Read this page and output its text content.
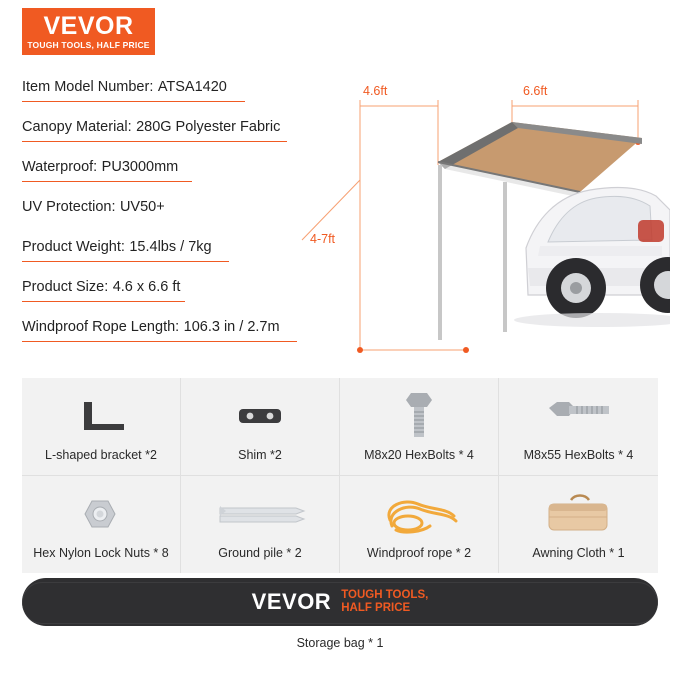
VEVOR
TOUGH TOOLS, HALF PRICE
Item Model Number: ATSA1420
Canopy Material: 280G Polyester Fabric
Waterproof: PU3000mm
UV Protection: UV50+
Product Weight: 15.4lbs / 7kg
Product Size: 4.6 x 6.6 ft
Windproof Rope Length: 106.3 in / 2.7m
4.6ft	6.6ft
4-7ft
L-shaped bracket *2	Shim *2	M8x20 HexBolts * 4	M8x55 HexBolts * 4
Hex Nylon Lock Nuts * 8	Ground pile * 2	Windproof rope * 2	Awning Cloth * 1
VEVOR TOUGH TOOLS,
HALF PRICE
Storage bag * 1
